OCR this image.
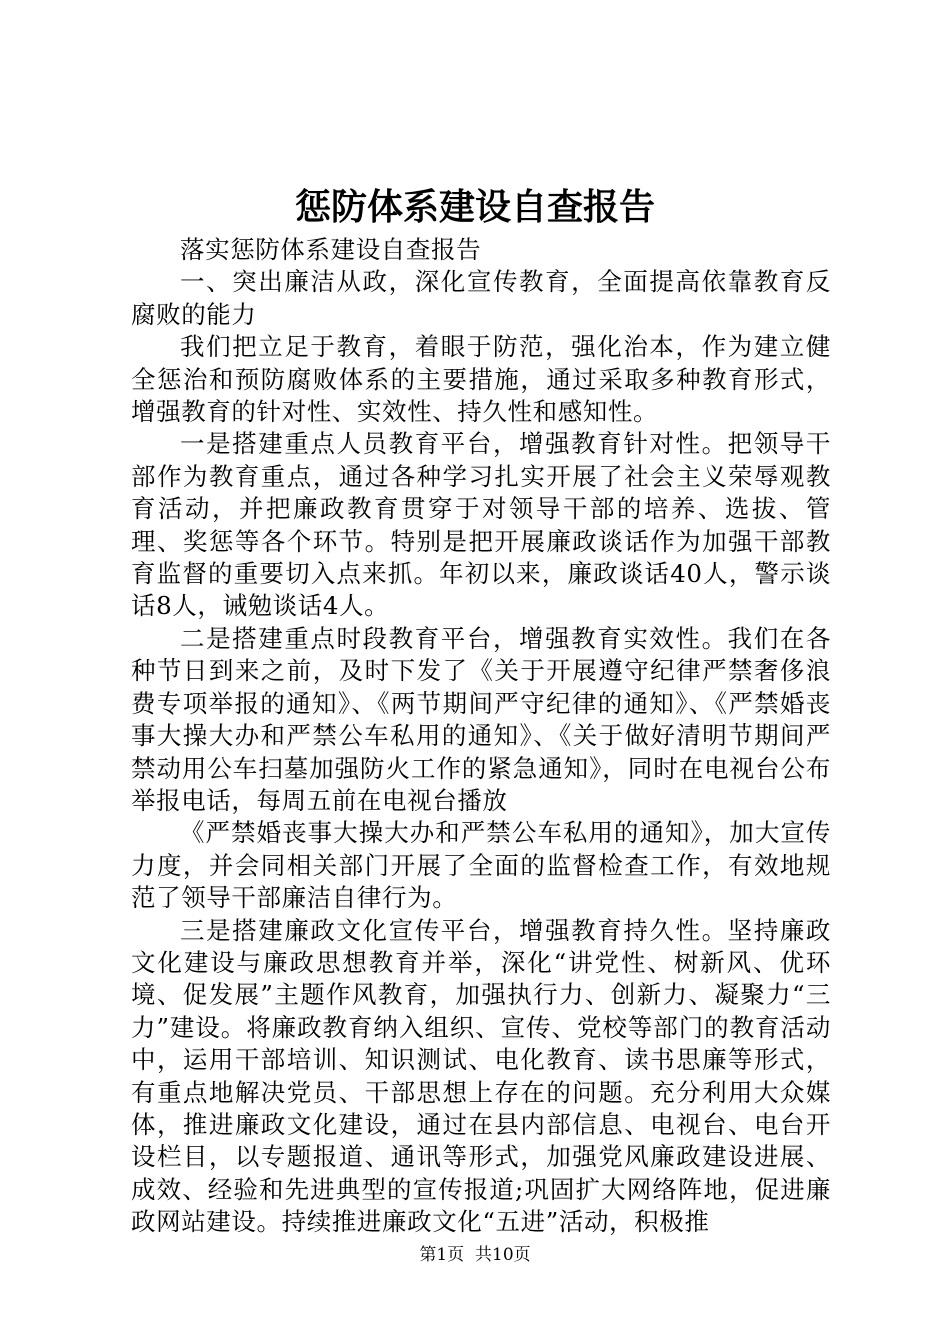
惩防体系建设自查报告

落实惩防体系建设自查报告

一、突出廉洁从政，深化宣传教育，全面提高依靠教育反腐败的能力

我们把立足于教育，着眼于防范，强化治本，作为建立健全惩治和预防腐败体系的主要措施，通过采取多种教育形式，增强教育的针对性、实效性、持久性和感知性。

一是搭建重点人员教育平台，增强教育针对性。把领导干部作为教育重点，通过各种学习扎实开展了社会主义荣辱观教育活动，并把廉政教育贯穿于对领导干部的培养、选拔、管理、奖惩等各个环节。特别是把开展廉政谈话作为加强干部教育监督的重要切入点来抓。年初以来，廉政谈话40人，警示谈话8人，诫勉谈话4人。

二是搭建重点时段教育平台，增强教育实效性。我们在各种节日到来之前，及时下发了《关于开展遵守纪律严禁奢侈浪费专项举报的通知》、《两节期间严守纪律的通知》、《严禁婚丧事大操大办和严禁公车私用的通知》、《关于做好清明节期间严禁动用公车扫墓加强防火工作的紧急通知》，同时在电视台公布举报电话，每周五前在电视台播放

《严禁婚丧事大操大办和严禁公车私用的通知》，加大宣传力度，并会同相关部门开展了全面的监督检查工作，有效地规范了领导干部廉洁自律行为。

三是搭建廉政文化宣传平台，增强教育持久性。坚持廉政文化建设与廉政思想教育并举，深化“讲党性、树新风、优环境、促发展”主题作风教育，加强执行力、创新力、凝聚力“三力”建设。将廉政教育纳入组织、宣传、党校等部门的教育活动中，运用干部培训、知识测试、电化教育、读书思廉等形式，有重点地解决党员、干部思想上存在的问题。充分利用大众媒体，推进廉政文化建设，通过在县内部信息、电视台、电台开设栏目，以专题报道、通讯等形式，加强党风廉政建设进展、成效、经验和先进典型的宣传报道;巩固扩大网络阵地，促进廉政网站建设。持续推进廉政文化“五进”活动，积极推

第1页 共10页
